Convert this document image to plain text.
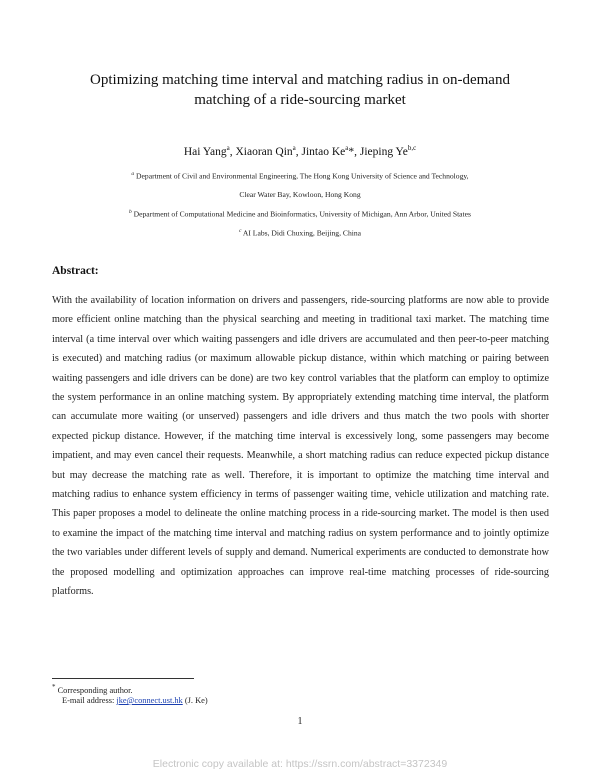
Optimizing matching time interval and matching radius in on-demand
matching of a ride-sourcing market
Hai Yang$^a$, Xiaoran Qin$^a$, Jintao Ke$^a$*, Jieping Ye$^{b,c}$
$^a$ Department of Civil and Environmental Engineering, The Hong Kong University of Science and Technology,
Clear Water Bay, Kowloon, Hong Kong
$^b$ Department of Computational Medicine and Bioinformatics, University of Michigan, Ann Arbor, United States
$^c$ AI Labs, Didi Chuxing, Beijing, China
Abstract:
With the availability of location information on drivers and passengers, ride-sourcing platforms are now able to provide more efficient online matching than the physical searching and meeting in traditional taxi market. The matching time interval (a time interval over which waiting passengers and idle drivers are accumulated and then peer-to-peer matching is executed) and matching radius (or maximum allowable pickup distance, within which matching or pairing between waiting passengers and idle drivers can be done) are two key control variables that the platform can employ to optimize the system performance in an online matching system. By appropriately extending matching time interval, the platform can accumulate more waiting (or unserved) passengers and idle drivers and thus match the two pools with shorter expected pickup distance. However, if the matching time interval is excessively long, some passengers may become impatient, and may even cancel their requests. Meanwhile, a short matching radius can reduce expected pickup distance but may decrease the matching rate as well. Therefore, it is important to optimize the matching time interval and matching radius to enhance system efficiency in terms of passenger waiting time, vehicle utilization and matching rate. This paper proposes a model to delineate the online matching process in a ride-sourcing market. The model is then used to examine the impact of the matching time interval and matching radius on system performance and to jointly optimize the two variables under different levels of supply and demand. Numerical experiments are conducted to demonstrate how the proposed modelling and optimization approaches can improve real-time matching processes of ride-sourcing platforms.
* Corresponding author.
E-mail address: jke@connect.ust.hk (J. Ke)
1
Electronic copy available at: https://ssrn.com/abstract=3372349
